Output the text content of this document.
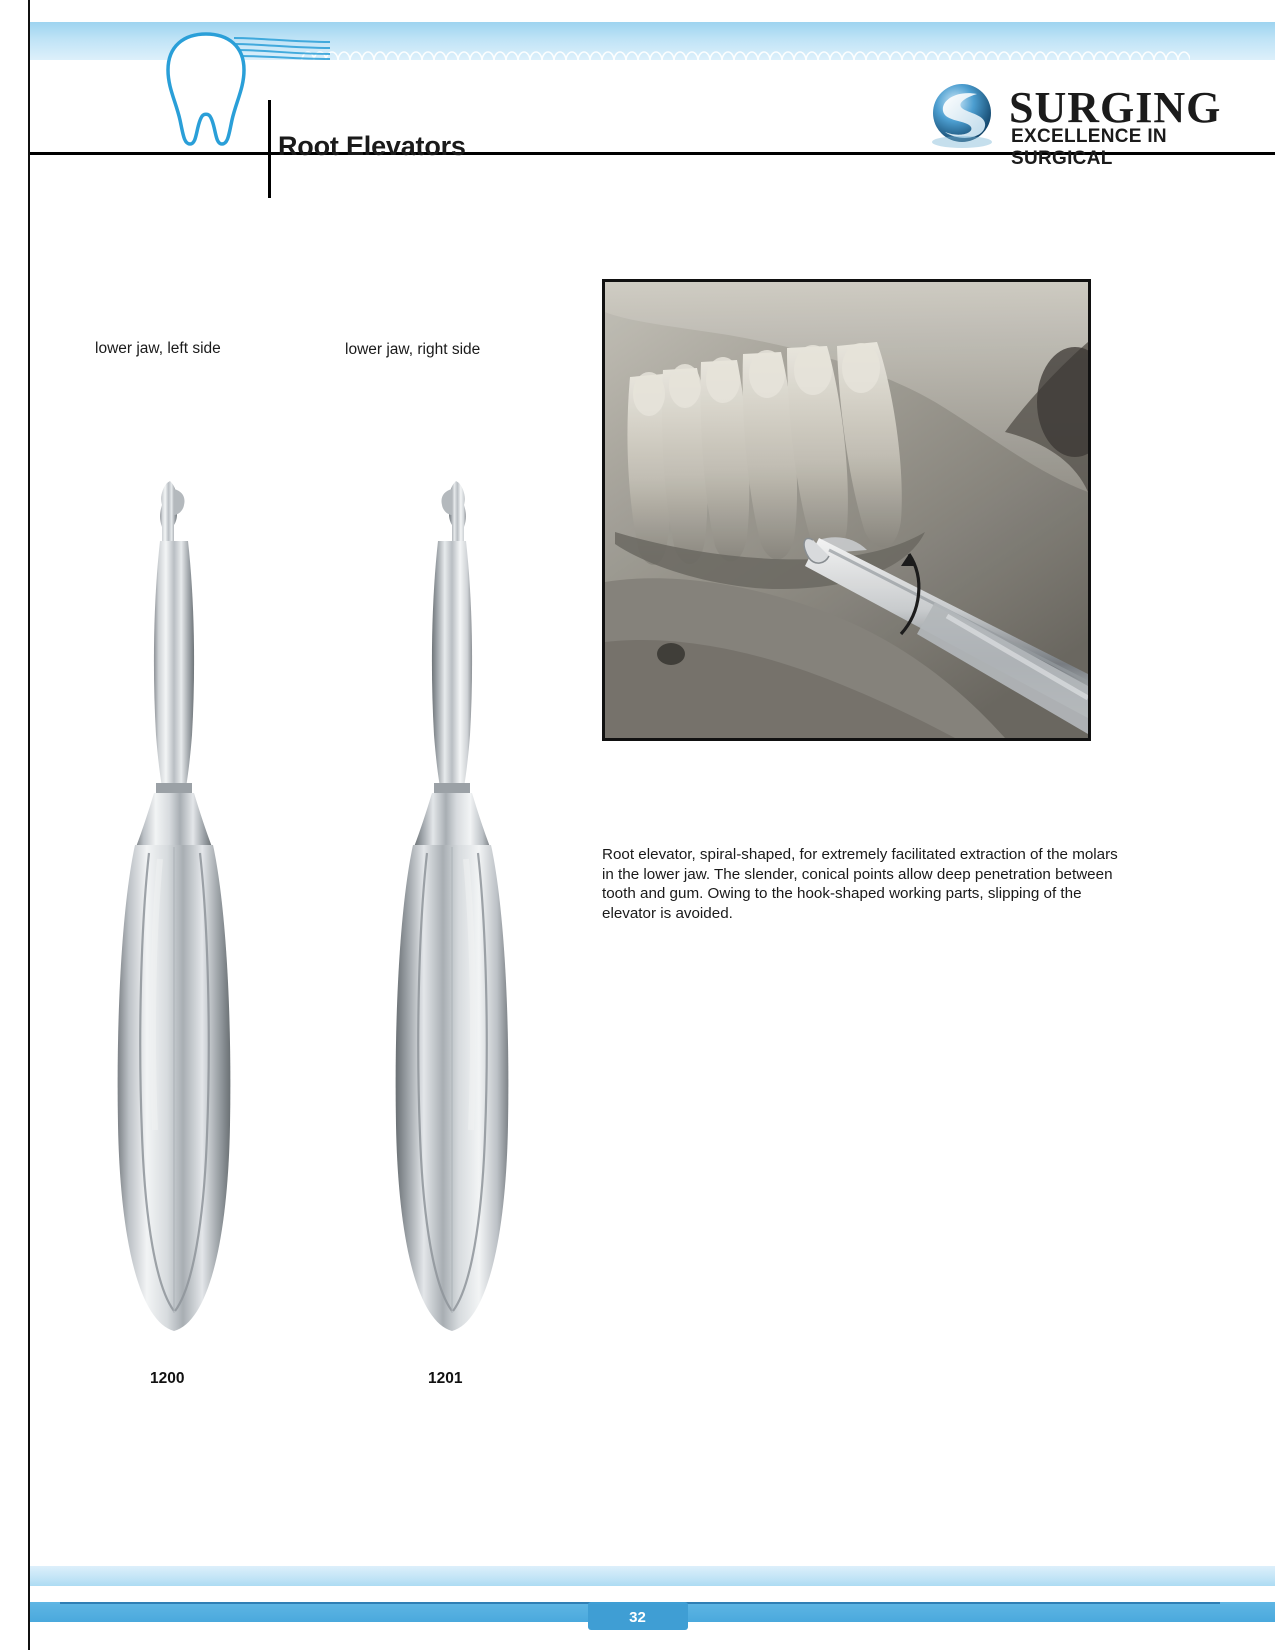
Root Elevators
SURGING
EXCELLENCE IN SURGICAL
lower jaw, left side	lower jaw, right side
1200	1201

Root elevator, spiral-shaped, for extremely facilitated extraction of the molars in the lower jaw. The slender, conical points allow deep penetration between tooth and gum. Owing to the hook-shaped working parts, slipping of the elevator is avoided.

32
